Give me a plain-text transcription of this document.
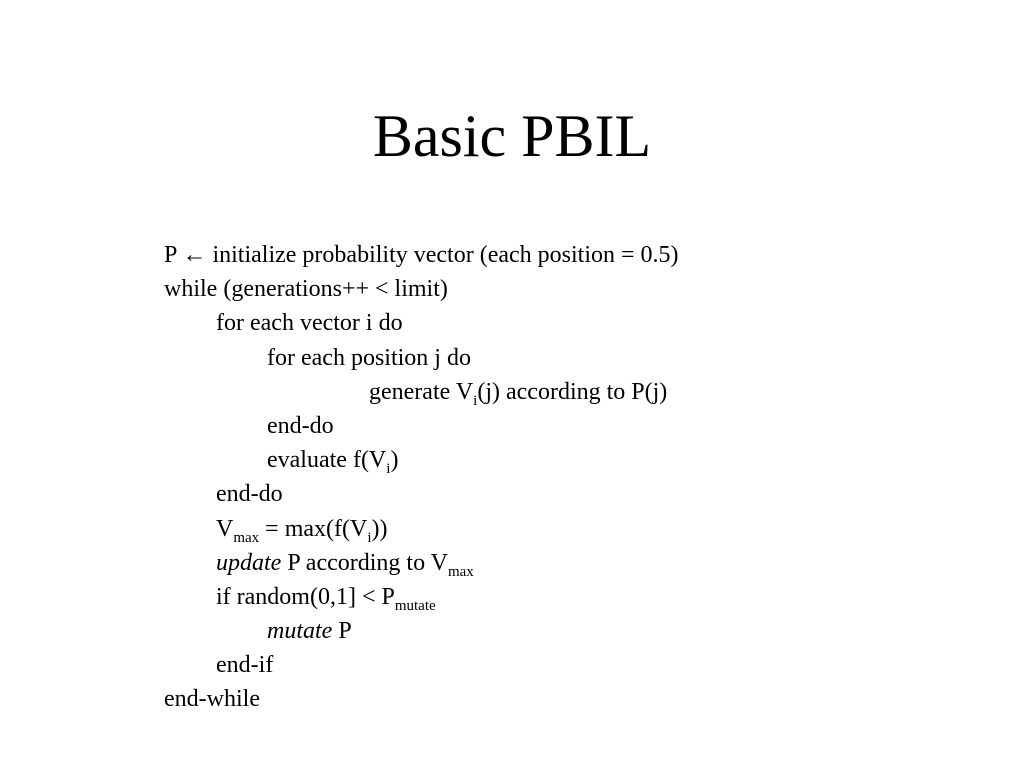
Basic PBIL
P ← initialize probability vector (each position = 0.5)
while (generations++ < limit)
for each vector i do
for each position j do
generate $V_i(j)$ according to P(j)
end-do
evaluate $f(V_i)$
end-do
$V_{max} = \max(f(V_i))$
update P according to $V_{max}$
if random(0,1] < $P_{mutate}$
mutate P
end-if
end-while
